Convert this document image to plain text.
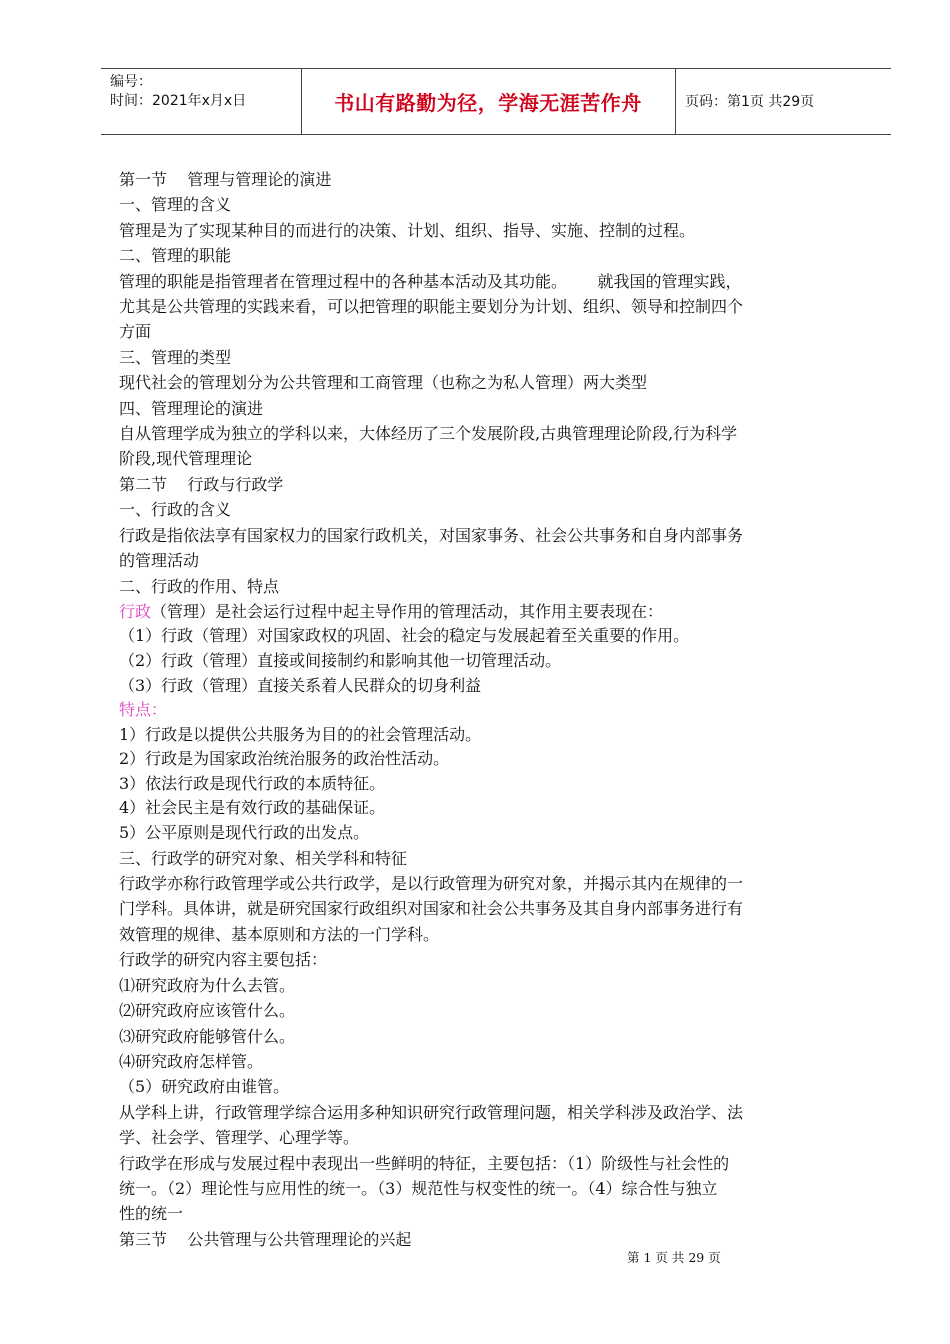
编号：
时间：2021年x月x日	书山有路勤为径，学海无涯苦作舟	页码：第1页 共29页

第一节    管理与管理论的演进

一、管理的含义

管理是为了实现某种目的而进行的决策、计划、组织、指导、实施、控制的过程。

二、管理的职能

管理的职能是指管理者在管理过程中的各种基本活动及其功能。      就我国的管理实践，

尤其是公共管理的实践来看，可以把管理的职能主要划分为计划、组织、领导和控制四个

方面

三、管理的类型

现代社会的管理划分为公共管理和工商管理（也称之为私人管理）两大类型

四、管理理论的演进

自从管理学成为独立的学科以来，大体经历了三个发展阶段,古典管理理论阶段,行为科学

阶段,现代管理理论

第二节    行政与行政学

一、行政的含义

行政是指依法享有国家权力的国家行政机关，对国家事务、社会公共事务和自身内部事务

的管理活动

二、行政的作用、特点

行政（管理）是社会运行过程中起主导作用的管理活动，其作用主要表现在：

（1）行政（管理）对国家政权的巩固、社会的稳定与发展起着至关重要的作用。

（2）行政（管理）直接或间接制约和影响其他一切管理活动。

（3）行政（管理）直接关系着人民群众的切身利益

特点：

1）行政是以提供公共服务为目的的社会管理活动。

2）行政是为国家政治统治服务的政治性活动。

3）依法行政是现代行政的本质特征。

4）社会民主是有效行政的基础保证。

5）公平原则是现代行政的出发点。

三、行政学的研究对象、相关学科和特征

行政学亦称行政管理学或公共行政学，是以行政管理为研究对象，并揭示其内在规律的一

门学科。具体讲，就是研究国家行政组织对国家和社会公共事务及其自身内部事务进行有

效管理的规律、基本原则和方法的一门学科。

行政学的研究内容主要包括：

⑴研究政府为什么去管。

⑵研究政府应该管什么。

⑶研究政府能够管什么。

⑷研究政府怎样管。

（5）研究政府由谁管。

从学科上讲，行政管理学综合运用多种知识研究行政管理问题，相关学科涉及政治学、法

学、社会学、管理学、心理学等。

行政学在形成与发展过程中表现出一些鲜明的特征，主要包括：（1）阶级性与社会性的

统一。（2）理论性与应用性的统一。（3）规范性与权变性的统一。（4）综合性与独立

性的统一

第三节    公共管理与公共管理理论的兴起

第 1 页 共 29 页
